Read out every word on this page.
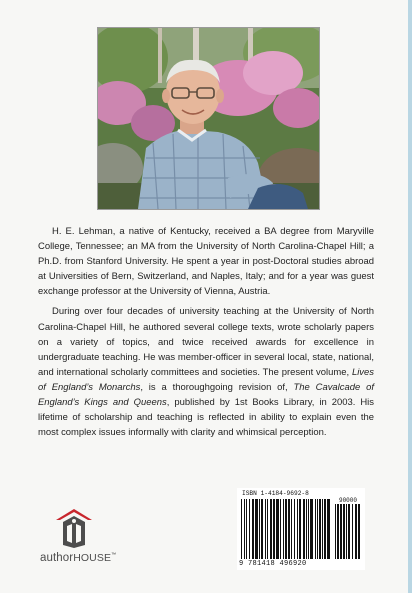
H. E. Lehman, a native of Kentucky, received a BA degree from Maryville College, Tennessee; an MA from the University of North Carolina-Chapel Hill; a Ph.D. from Stanford University. He spent a year in post-Doctoral studies abroad at Universities of Bern, Switzerland, and Naples, Italy; and for a year was guest exchange professor at the University of Vienna, Austria.

During over four decades of university teaching at the University of North Carolina-Chapel Hill, he authored several college texts, wrote scholarly papers on a variety of topics, and twice received awards for excellence in undergraduate teaching. He was member-officer in several local, state, national, and international scholarly committees and societies. The present volume, Lives of England’s Monarchs, is a thoroughgoing revision of, The Cavalcade of England’s Kings and Queens, published by 1st Books Library, in 2003. His lifetime of scholarship and teaching is reflected in ability to explain even the most complex issues informally with clarity and whimsical perception.

authorHOUSE™
ISBN 1-4184-9692-8
90000
9 781418 496920
